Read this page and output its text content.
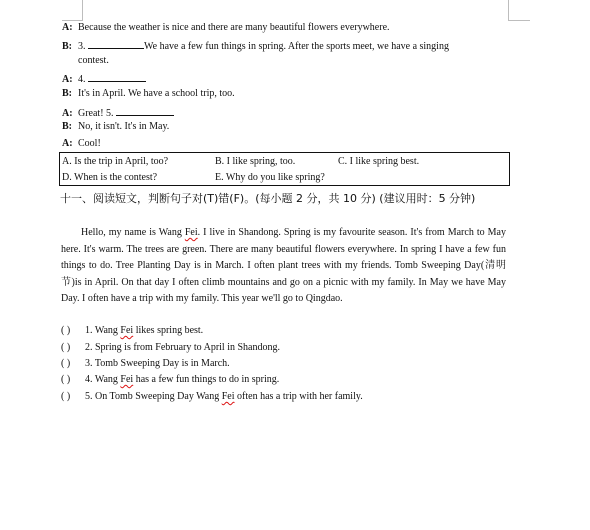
A: Because the weather is nice and there are many beautiful flowers everywhere.
B: 3.	We have a few fun things in spring. After the sports meet, we have a singing
contest.
A: 4.
B: It's in April. We have a school trip, too.
A: Great! 5.
B: No, it isn't. It's in May.
A: Cool!
A. Is the trip in April, too?	B. I like spring, too.	C. I like spring best.
D. When is the contest?	E. Why do you like spring?
十一、阅读短文，判断句子对(T)错(F)。(每小题 2 分，共 10 分) (建议用时：5 分钟)
Hello, my name is Wang Fei. I live in Shandong. Spring is my favourite season. It's from March to May here. It's warm. The trees are green. There are many beautiful flowers everywhere. In spring I have a few fun things to do. Tree Planting Day is in March. I often plant trees with my friends. Tomb Sweeping Day(清明节)is in April. On that day I often climb mountains and go on a picnic with my family. In May we have May Day. I often have a trip with my family. This year we'll go to Qingdao.
( ) 1. Wang Fei likes spring best.
( ) 2. Spring is from February to April in Shandong.
( ) 3. Tomb Sweeping Day is in March.
( ) 4. Wang Fei has a few fun things to do in spring.
( ) 5. On Tomb Sweeping Day Wang Fei often has a trip with her family.
